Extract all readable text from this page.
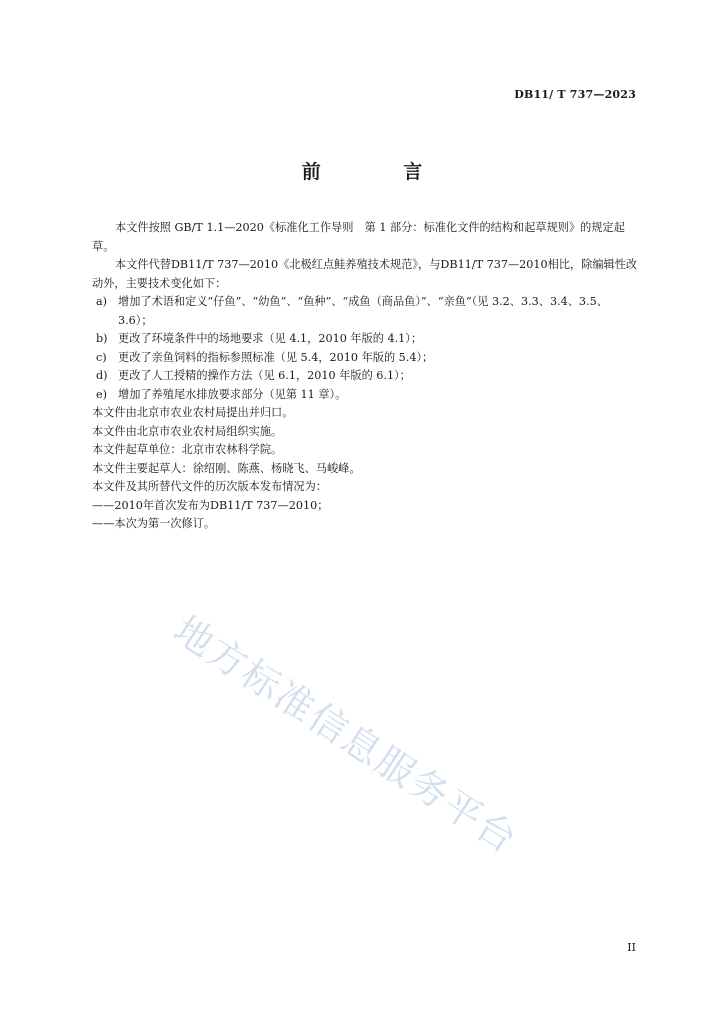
DB11/ T 737—2023
前 言

本文件按照 GB/T 1.1—2020《标准化工作导则　第 1 部分：标准化文件的结构和起草规则》的规定起草。

本文件代替DB11/T 737—2010《北极红点鲑养殖技术规范》，与DB11/T 737—2010相比，除编辑性改动外，主要技术变化如下：

a) 增加了术语和定义“仔鱼”、“幼鱼”、“鱼种”、“成鱼（商品鱼）”、“亲鱼”（见 3.2、3.3、3.4、3.5、3.6）；
b) 更改了环境条件中的场地要求（见 4.1，2010 年版的 4.1）；
c) 更改了亲鱼饲料的指标参照标准（见 5.4，2010 年版的 5.4）；
d) 更改了人工授精的操作方法（见 6.1，2010 年版的 6.1）；
e) 增加了养殖尾水排放要求部分（见第 11 章）。

本文件由北京市农业农村局提出并归口。

本文件由北京市农业农村局组织实施。

本文件起草单位：北京市农林科学院。

本文件主要起草人：徐绍刚、陈燕、杨晓飞、马峻峰。

本文件及其所替代文件的历次版本发布情况为：

——2010年首次发布为DB11/T 737—2010；

——本次为第一次修订。

地方标准信息服务平台
II
